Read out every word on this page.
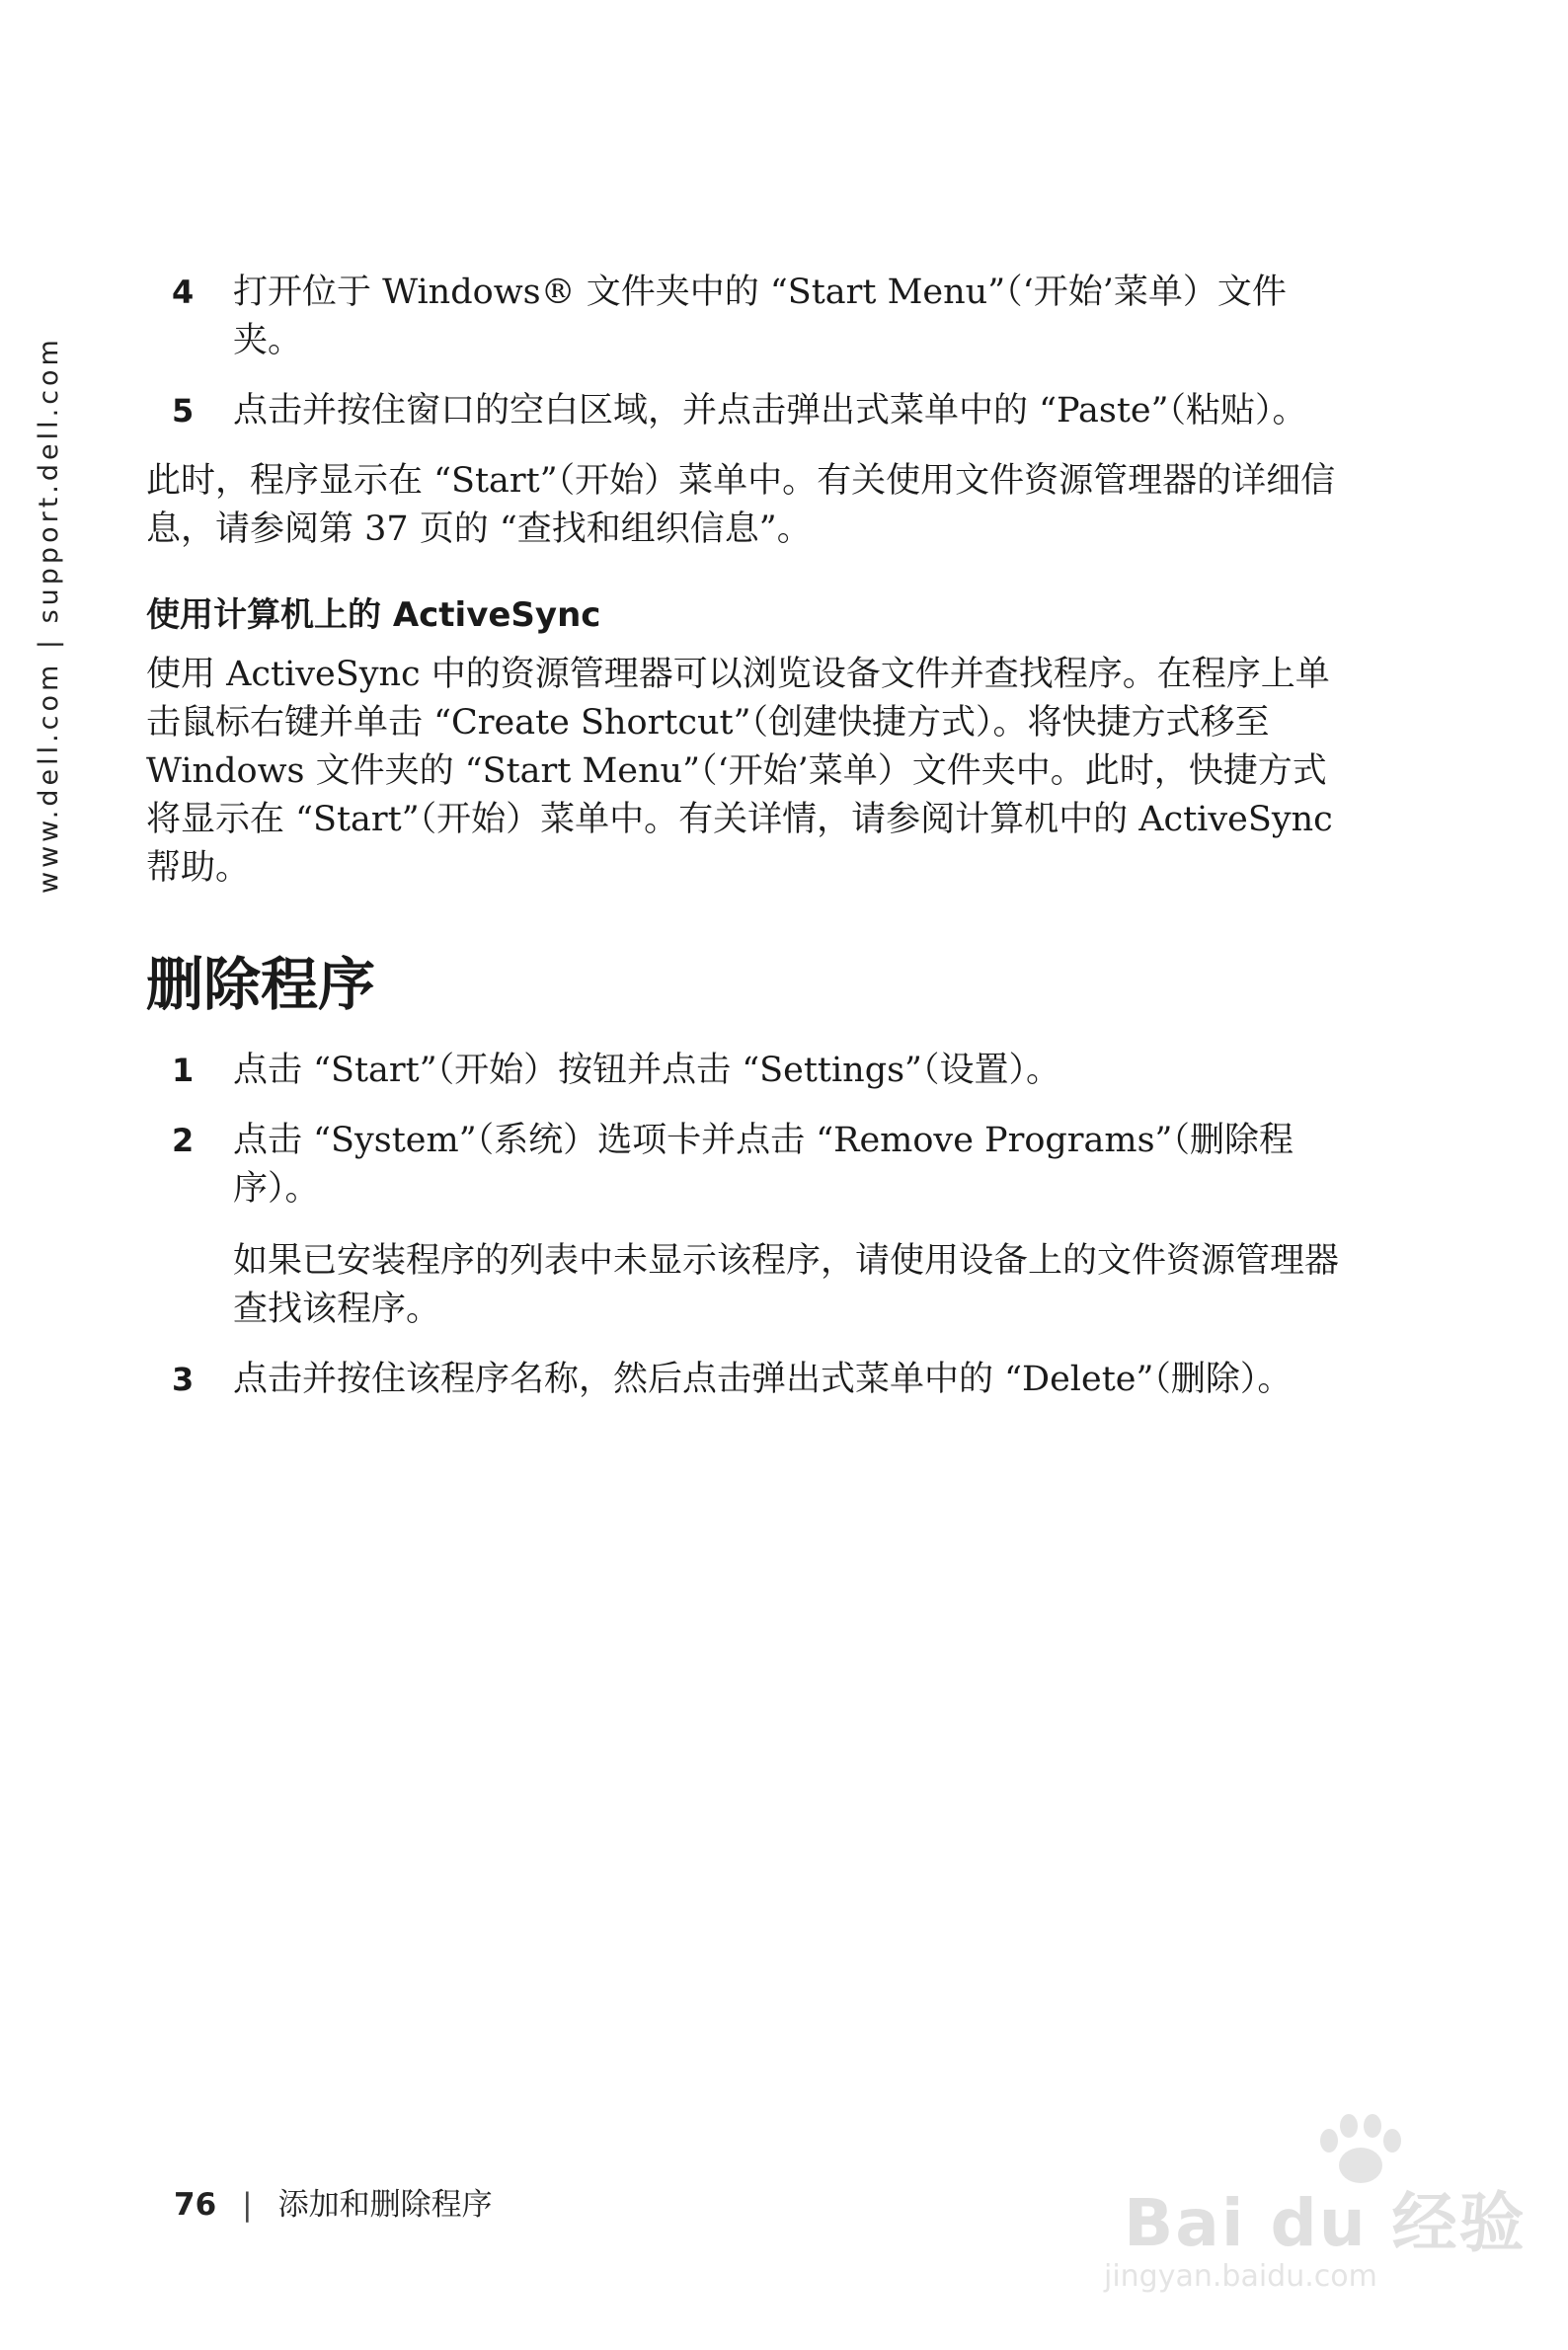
www.dell.com | support.dell.com
4 打开位于 Windows® 文件夹中的 “Start Menu”（‘开始’菜单）文件夹。
5 点击并按住窗口的空白区域，并点击弹出式菜单中的 “Paste”（粘贴）。

此时，程序显示在 “Start”（开始）菜单中。有关使用文件资源管理器的详细信息，请参阅第 37 页的 “查找和组织信息”。

使用计算机上的 ActiveSync

使用 ActiveSync 中的资源管理器可以浏览设备文件并查找程序。在程序上单击鼠标右键并单击 “Create Shortcut”（创建快捷方式）。将快捷方式移至 Windows 文件夹的 “Start Menu”（‘开始’菜单）文件夹中。此时，快捷方式将显示在 “Start”（开始）菜单中。有关详情，请参阅计算机中的 ActiveSync 帮助。

删除程序
1 点击 “Start”（开始）按钮并点击 “Settings”（设置）。
2 点击 “System”（系统）选项卡并点击 “Remove Programs”（删除程序）。
如果已安装程序的列表中未显示该程序，请使用设备上的文件资源管理器查找该程序。
3 点击并按住该程序名称，然后点击弹出式菜单中的 “Delete”（删除）。
76 | 添加和删除程序	Bai du 经验
jingyan.baidu.com
